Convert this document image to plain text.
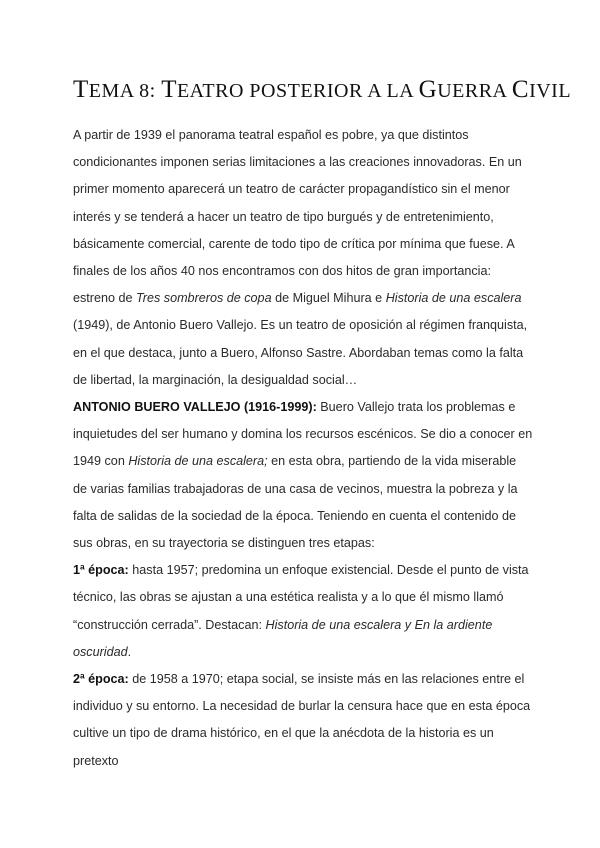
TEMA 8: TEATRO POSTERIOR A LA GUERRA CIVIL

A partir de 1939 el panorama teatral español es pobre, ya que distintos condicionantes imponen serias limitaciones a las creaciones innovadoras. En un primer momento aparecerá un teatro de carácter propagandístico sin el menor interés y se tenderá a hacer un teatro de tipo burgués y de entretenimiento, básicamente comercial, carente de todo tipo de crítica por mínima que fuese. A finales de los años 40 nos encontramos con dos hitos de gran importancia: estreno de Tres sombreros de copa de Miguel Mihura e Historia de una escalera (1949), de Antonio Buero Vallejo. Es un teatro de oposición al régimen franquista, en el que destaca, junto a Buero, Alfonso Sastre. Abordaban temas como la falta de libertad, la marginación, la desigualdad social…

ANTONIO BUERO VALLEJO (1916-1999): Buero Vallejo trata los problemas e inquietudes del ser humano y domina los recursos escénicos. Se dio a conocer en 1949 con Historia de una escalera; en esta obra, partiendo de la vida miserable de varias familias trabajadoras de una casa de vecinos, muestra la pobreza y la falta de salidas de la sociedad de la época. Teniendo en cuenta el contenido de sus obras, en su trayectoria se distinguen tres etapas:

1ª época: hasta 1957; predomina un enfoque existencial. Desde el punto de vista técnico, las obras se ajustan a una estética realista y a lo que él mismo llamó “construcción cerrada”. Destacan: Historia de una escalera y En la ardiente oscuridad.

2ª época: de 1958 a 1970; etapa social, se insiste más en las relaciones entre el individuo y su entorno. La necesidad de burlar la censura hace que en esta época cultive un tipo de drama histórico, en el que la anécdota de la historia es un pretexto
